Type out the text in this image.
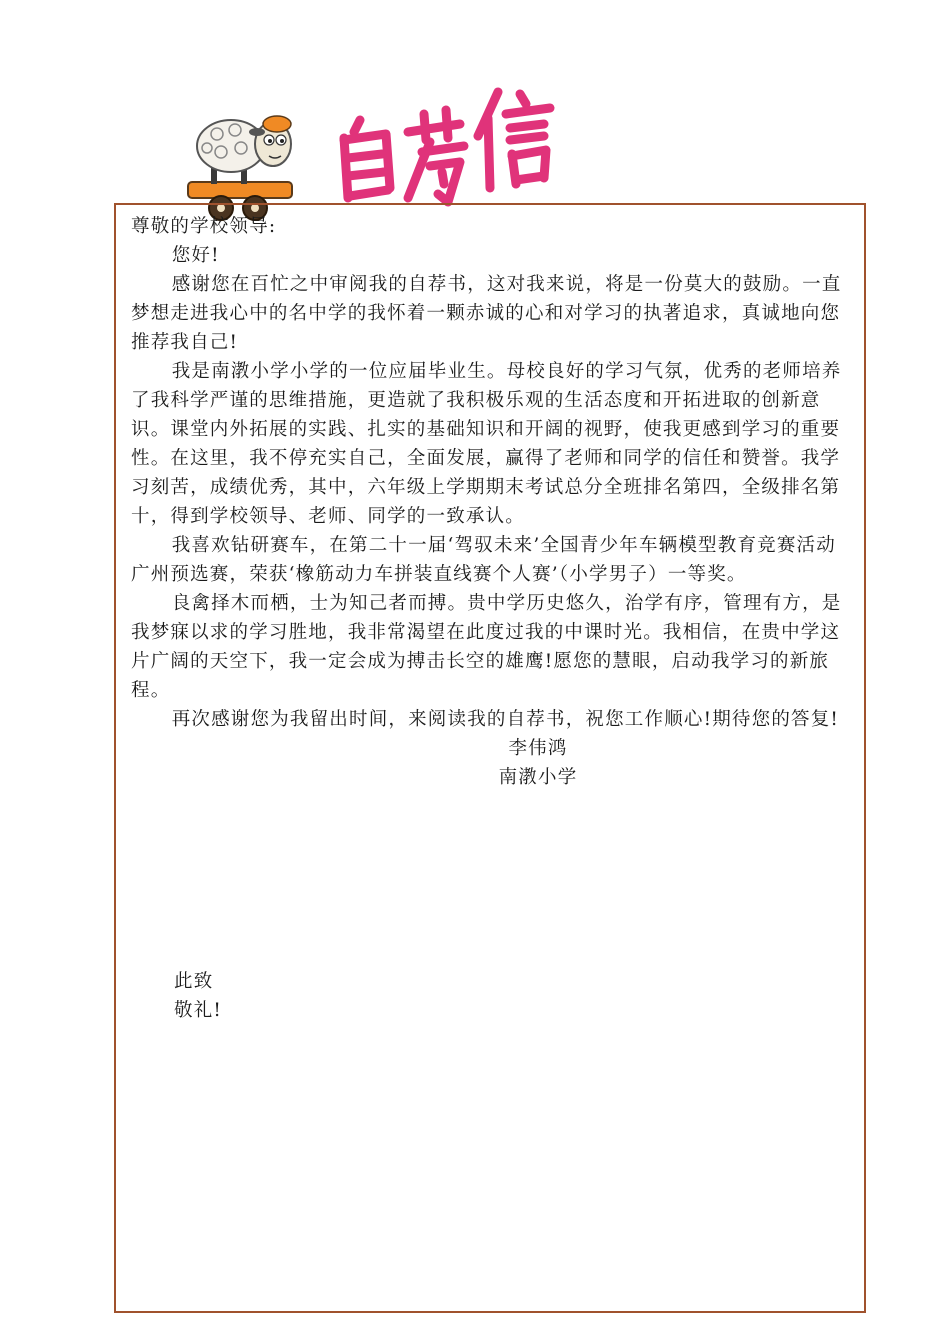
自荐信

尊敬的学校领导:

您好!

感谢您在百忙之中审阅我的自荐书，这对我来说，将是一份莫大的鼓励。一直梦想走进我心中的名中学的我怀着一颗赤诚的心和对学习的执著追求，真诚地向您推荐我自己!

我是南漖小学小学的一位应届毕业生。母校良好的学习气氛，优秀的老师培养了我科学严谨的思维措施，更造就了我积极乐观的生活态度和开拓进取的创新意识。课堂内外拓展的实践、扎实的基础知识和开阔的视野，使我更感到学习的重要性。在这里，我不停充实自己，全面发展，赢得了老师和同学的信任和赞誉。我学习刻苦，成绩优秀，其中，六年级上学期期末考试总分全班排名第四，全级排名第十，得到学校领导、老师、同学的一致承认。

我喜欢钻研赛车，在第二十一届‘驾驭未来’全国青少年车辆模型教育竞赛活动广州预选赛，荣获‘橡筋动力车拼装直线赛个人赛’（小学男子）一等奖。

良禽择木而栖，士为知己者而搏。贵中学历史悠久，治学有序，管理有方，是我梦寐以求的学习胜地，我非常渴望在此度过我的中课时光。我相信，在贵中学这片广阔的天空下，我一定会成为搏击长空的雄鹰!愿您的慧眼，启动我学习的新旅程。

再次感谢您为我留出时间，来阅读我的自荐书，祝您工作顺心!期待您的答复!

李伟鸿

南漖小学

此致

敬礼!
